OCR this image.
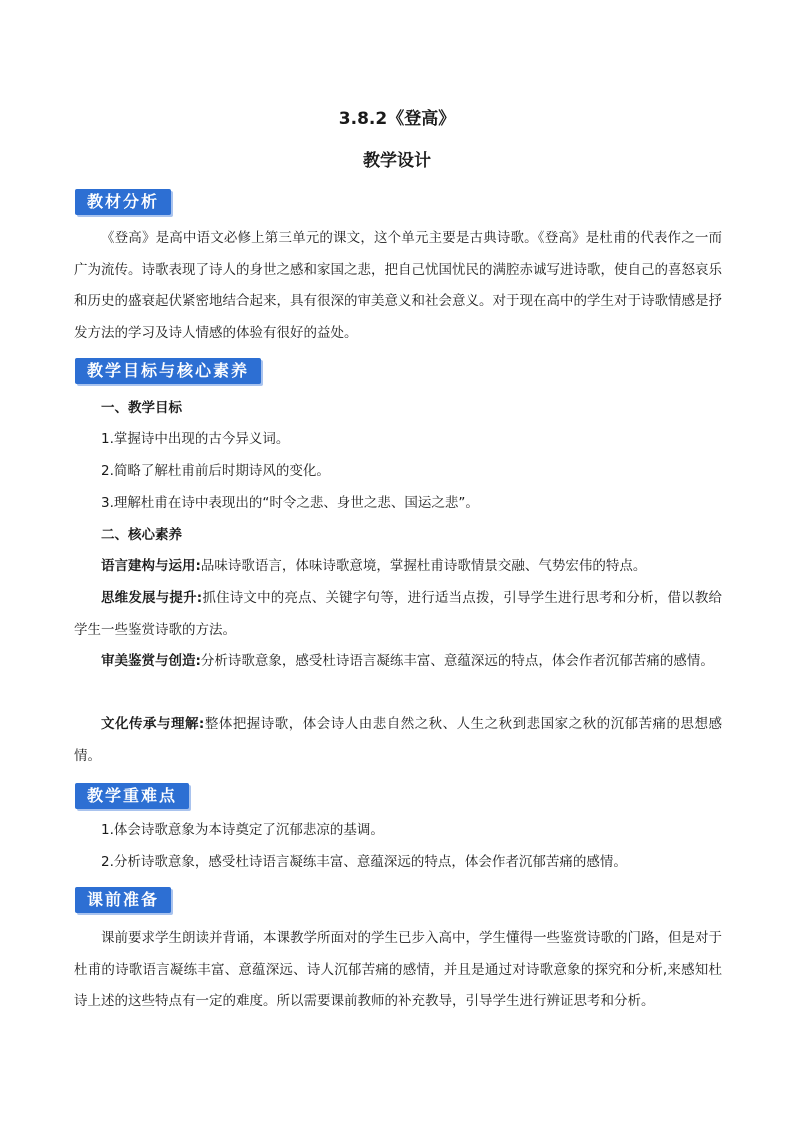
3.8.2《登高》
教学设计
教材分析

《登高》是高中语文必修上第三单元的课文，这个单元主要是古典诗歌。《登高》是杜甫的代表作之一而广为流传。诗歌表现了诗人的身世之感和家国之悲，把自己忧国忧民的满腔赤诚写进诗歌，使自己的喜怒哀乐和历史的盛衰起伏紧密地结合起来，具有很深的审美意义和社会意义。对于现在高中的学生对于诗歌情感是抒发方法的学习及诗人情感的体验有很好的益处。

教学目标与核心素养
一、教学目标
1.掌握诗中出现的古今异义词。
2.简略了解杜甫前后时期诗风的变化。
3.理解杜甫在诗中表现出的“时令之悲、身世之悲、国运之悲”。
二、核心素养

语言建构与运用:品味诗歌语言，体味诗歌意境，掌握杜甫诗歌情景交融、气势宏伟的特点。

思维发展与提升:抓住诗文中的亮点、关键字句等，进行适当点拨，引导学生进行思考和分析，借以教给学生一些鉴赏诗歌的方法。

审美鉴赏与创造:分析诗歌意象，感受杜诗语言凝练丰富、意蕴深远的特点，体会作者沉郁苦痛的感情。

文化传承与理解:整体把握诗歌，体会诗人由悲自然之秋、人生之秋到悲国家之秋的沉郁苦痛的思想感情。

教学重难点
1.体会诗歌意象为本诗奠定了沉郁悲凉的基调。
2.分析诗歌意象，感受杜诗语言凝练丰富、意蕴深远的特点，体会作者沉郁苦痛的感情。
课前准备

课前要求学生朗读并背诵，本课教学所面对的学生已步入高中，学生懂得一些鉴赏诗歌的门路，但是对于杜甫的诗歌语言凝练丰富、意蕴深远、诗人沉郁苦痛的感情，并且是通过对诗歌意象的探究和分析,来感知杜诗上述的这些特点有一定的难度。所以需要课前教师的补充教导，引导学生进行辨证思考和分析。
